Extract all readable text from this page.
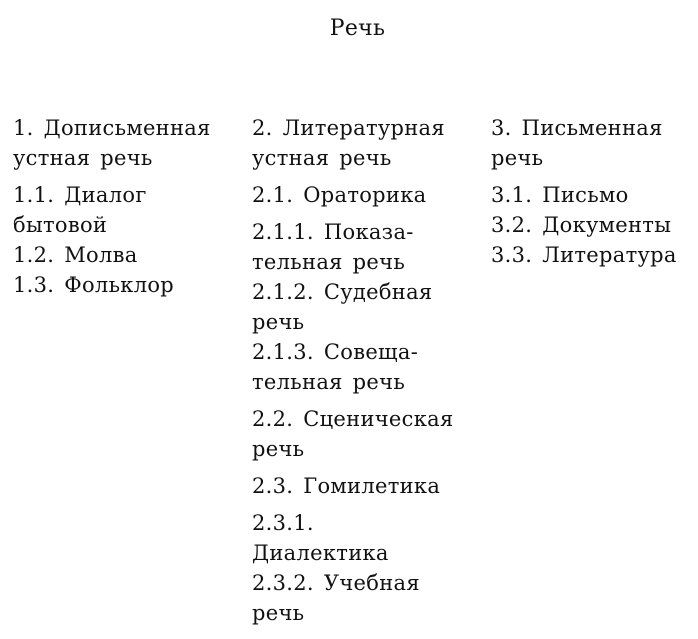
Речь
1. Дописьменная
устная речь
1.1. Диалог
бытовой
1.2. Молва
1.3. Фольклор
2. Литературная
устная речь
2.1. Ораторика
2.1.1. Показа-
тельная речь
2.1.2. Судебная
речь
2.1.3. Совеща-
тельная речь
2.2. Сценическая
речь
2.3. Гомилетика
2.3.1.
Диалектика
2.3.2. Учебная
речь
3. Письменная
речь
3.1. Письмо
3.2. Документы
3.3. Литература
